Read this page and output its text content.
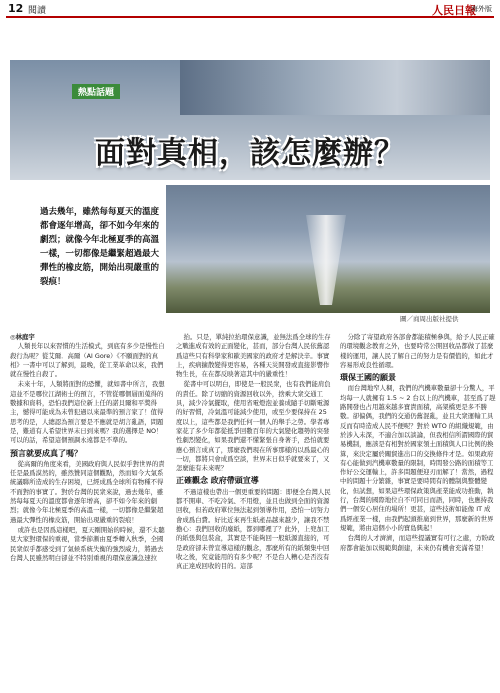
12 閱讀	人民日報
海外版
熱點話題
面對真相，該怎麼辦？
過去幾年，雖然每每夏天的溫度都會逐年增高，卻不如今年來的劇烈；就像今年北極夏季的高溫一樣，一切都像是繼緊超過最大彈性的橡皮筋，開始出現嚴重的裂痕！
圖／商周出版社提供
◎林庭宇

人類長年以來習慣的生活模式，到底有多少是慢性自殺行為呢？從艾爾．高爾（Al Gore）《不願面對的真相》一書中可以了解到，最晚，從工業革命以來，我們就在慢性自殺了。

未來十年，人類將面對的恐懼，就如書中所言，我想這並不是哪位江湖術士的預言，不管從哪個層面蒐得的數據和資料，恐怕我們這位新上任的諾貝爾和平獎得主，憾得可能成為未曾犯過以來最準的預言家了！值得思考的是，人總認為預言要是不應就是胡言亂語，問題是，難道有人希望世界末日到來嗎？我的選擇是 NO！可以的話，希望這個預調永遠都是不準的。

預言就要成真了嗎？

從高爾的角度來看，美國政府與人民似乎對世界的責任是最爲漠然的，雖然贊同這個觀點，然而如今大氣系統議聯所造成的生存困境，已經成爲全球所有物種不得不面對的事實了。對於台灣的民衆來說，過去幾年，雖然每每夏天的溫度都會逐年增高，卻不如今年來的劇烈；就像今年北極夏季的高溫一樣，一切都像是繼緊超過最大彈性的橡皮筋，開始出現嚴重的裂痕！

或許也是因爲這樣吧，夏天剛開始的時候，還不太聽見大家對環保的重視，當季節漸由夏季轉入秋季，全國民衆似乎都感受到了氣候系統失衡的強烈威力，將過去台灣人民雖然明白卻並不特別重視的環保意識急速拉

抬。只是，單純拉抬環保意識，並無法爲全球的生存之戰進成有效的正面變化，甚而，部分台灣人民依舊認爲這些只有科學家和歐美國家的政府才是解決辛。事實上，疾病擴散變得更容易，各種天災開發或直接影響作物生長，在在都反映著這其中的嚴重性！

從書中可以明白，即使是一般民衆，也有我們能肩負的責任。除了切縮的資源回收以外，捨乘大衆交通工具，減少冷氣擺取，使用省電燈泡並養成隨手切斷電源的好習慣，冷氣溫可能減少使用，或至少要保持在 25 度以上，這些都是我們任何一個人的舉手之勞。學者專家花了多少年都從抵爭回數百年的大氣變化趨勢的突發性劇烈變化，如果我們還不懂緊張自身著手，恐怕就要應心預言成真了，那麼我們現在所事那樣的以爲最心的一切，都將只會成爲空談，世界末日似乎就要來了，又怎麼能有未來呢？

正確觀念 政府帶頭宣導

不過這樣也帶出一個更重要的問題：即便全台灣人民都不開車、不吃冷氣、不用燈，並且也做到全面的資源回收，但若政府單位無法起到領導作用，恐怕一切努力會成爲白費。好比近來再生紙產品越來越少，讓我不禁擔心：我們回收的廢紙，都到哪裡了？此外，上兜加工的紙張與包裝盒，其實是不能夠回一般紙源直接的，可是政府卻未曾宣導這樣的觀念，那麼所有的紙類集中回收之後，究竟能用的有多少呢？不是台人糟心是否沒有真正達成回收的目的。這部

分除了寄望政府各部會都能積極參與，給予人民正確的環境觀念教育之外，也要時常公開回收品都做了甚麼樣的運用，讓人民了解自己的努力是有價值的，如此才容易形成良性循環。

環保王國的願景

而台灣地窄人稠，我們的汽機車數量卻十分驚人，平均每一人就擁有 1.5 ~ 2 台以上的汽機車，甚至爲了趕路開發也占用越來越多寶貴面積，高架橋更是多不勝數。卻偏偶，我們的交通仍舊混亂，並且大衆運輸工具反而有時造成人民不便呢？對於 WTO 的組織規範，由於涉入未深，不適合加以談論，但我相信所謂國際的貿易機制，應該是有相對於國家領土面積與人口比例的換算，來決定屬於關貿進出口的交換條件才是。如果政府有心能做到汽機車數量的限制，時間發公路的面積等工作好公交運輸上，許多問題便迎刃而解了！當然，過程中的問題十分繁雜，事實是要時間有的體制與整體變化，但試想，如果這些環保政策與產業能成功推動，執行，台灣的國際地位自不可同日而語，同時，也應持我們一個安心居住的場所！更甚，這些技術如能像 IT 成爲經產業一樣，由我們起頭推廣到世界，那麼新的世界規範，將由這個小小的寶島興起！

台灣的人才濟濟，而這些提議實有可行之處，方盼政府都會能加以規範與創建，未來仍有機會充滿希望！
